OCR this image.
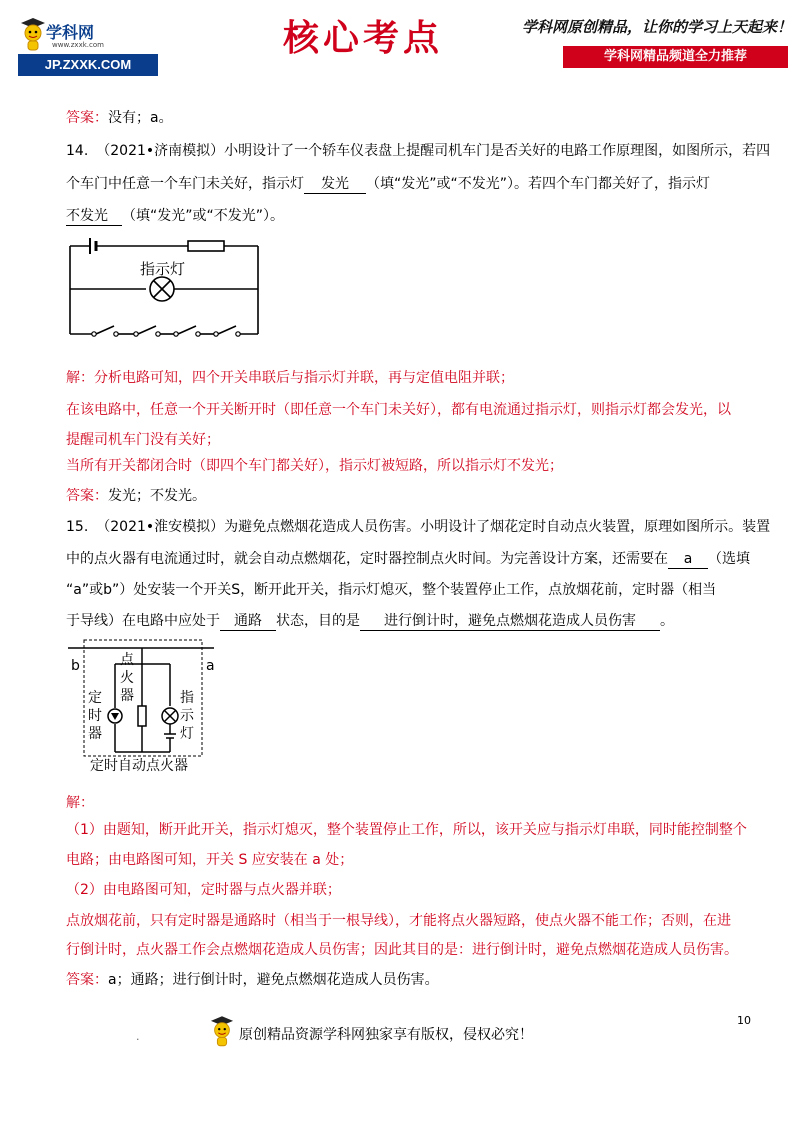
学科网
www.zxxk.com
JP.ZXXK.COM
核心考点	学科网原创精品，让你的学习上天起来！
学科网精品频道全力推荐
答案：没有；a。
14. （2021•济南模拟）小明设计了一个轿车仪表盘上提醒司机车门是否关好的电路工作原理图，如图所示，若四
个车门中任意一个车门未关好，指示灯 发光 （填“发光”或“不发光”）。若四个车门都关好了，指示灯
不发光 （填“发光”或“不发光”）。
指示灯
解：分析电路可知，四个开关串联后与指示灯并联，再与定值电阻并联；
在该电路中，任意一个开关断开时（即任意一个车门未关好），都有电流通过指示灯，则指示灯都会发光，以
提醒司机车门没有关好；
当所有开关都闭合时（即四个车门都关好），指示灯被短路，所以指示灯不发光；
答案：发光；不发光。
15. （2021•淮安模拟）为避免点燃烟花造成人员伤害。小明设计了烟花定时自动点火装置，原理如图所示。装置
中的点火器有电流通过时，就会自动点燃烟花，定时器控制点火时间。为完善设计方案，还需要在 a （选填
“a”或b”）处安装一个开关S，断开此开关，指示灯熄灭，整个装置停止工作，点放烟花前，定时器（相当
于导线）在电路中应处于 通路 状态，目的是 进行倒计时，避免点燃烟花造成人员伤害 。
b	a
点
火
器
定
时
器
指
示
灯
定时自动点火器
解：
（1）由题知，断开此开关，指示灯熄灭，整个装置停止工作，所以，该开关应与指示灯串联，同时能控制整个
电路；由电路图可知，开关 S 应安装在 a 处；
（2）由电路图可知，定时器与点火器并联；
点放烟花前，只有定时器是通路时（相当于一根导线），才能将点火器短路，使点火器不能工作；否则，在进
行倒计时，点火器工作会点燃烟花造成人员伤害；因此其目的是：进行倒计时，避免点燃烟花造成人员伤害。
答案：a；通路；进行倒计时，避免点燃烟花造成人员伤害。
原创精品资源学科网独家享有版权，侵权必究！
10
.
